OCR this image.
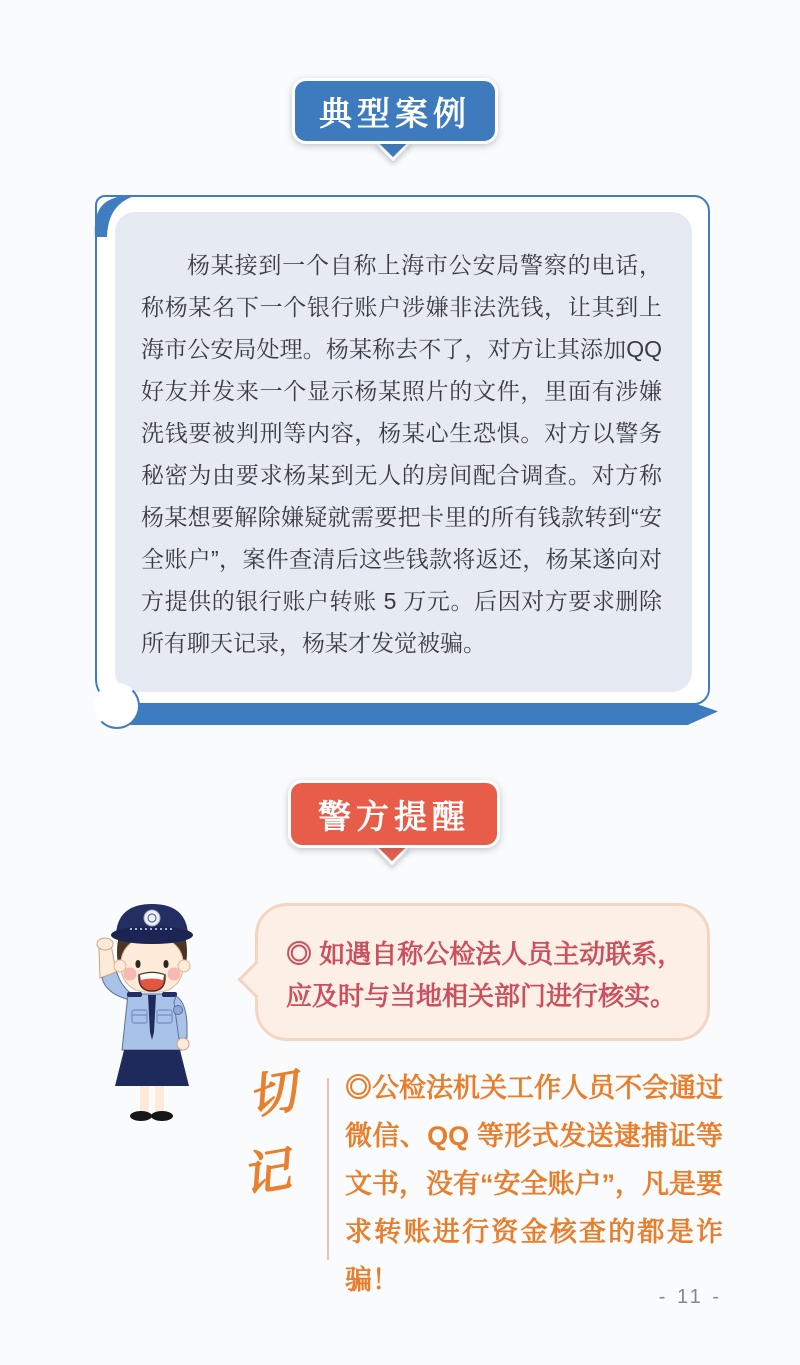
典型案例

杨某接到一个自称上海市公安局警察的电话，称杨某名下一个银行账户涉嫌非法洗钱，让其到上海市公安局处理。杨某称去不了，对方让其添加QQ 好友并发来一个显示杨某照片的文件，里面有涉嫌洗钱要被判刑等内容，杨某心生恐惧。对方以警务秘密为由要求杨某到无人的房间配合调查。对方称杨某想要解除嫌疑就需要把卡里的所有钱款转到“安全账户”，案件查清后这些钱款将返还，杨某遂向对方提供的银行账户转账 5 万元。后因对方要求删除所有聊天记录，杨某才发觉被骗。

警方提醒
◎ 如遇自称公检法人员主动联系，
应及时与当地相关部门进行核实。
切
记

◎公检法机关工作人员不会通过微信、QQ 等形式发送逮捕证等文书，没有“安全账户”，凡是要求转账进行资金核查的都是诈骗！

- 11 -
